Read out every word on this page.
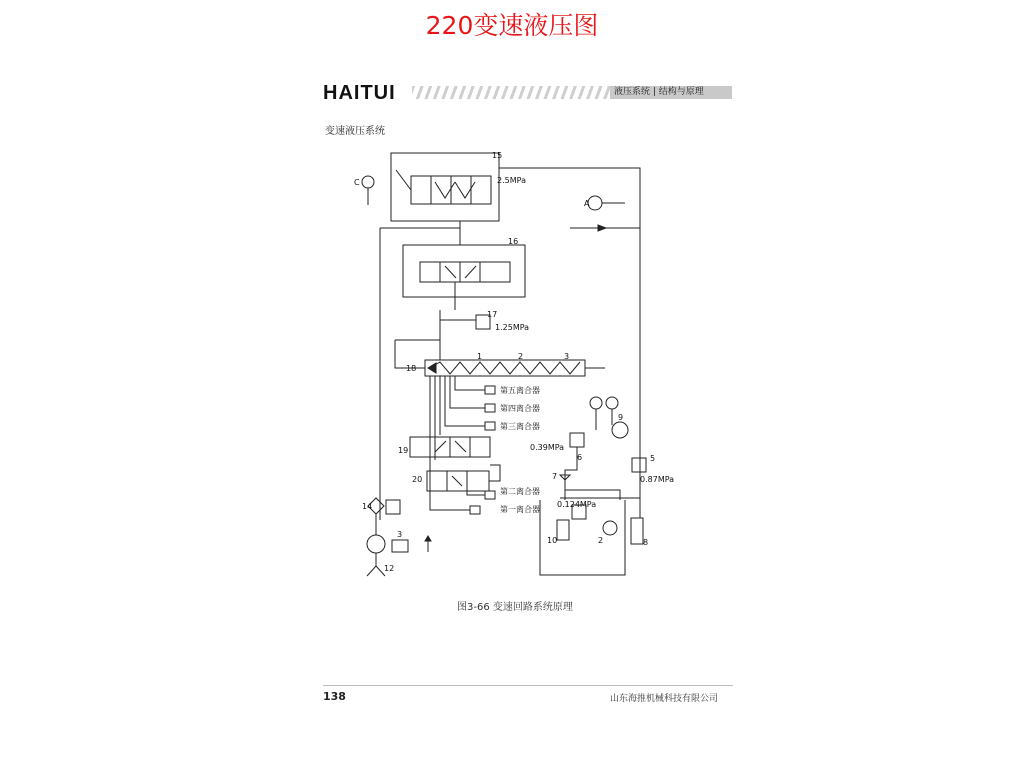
220变速液压图
HAITUI	液压系统 | 结构与原理
变速液压系统
15
2.5MPa
C
A
16
17
1.25MPa
18
1	2	3
第五离合器
第四离合器
第三离合器
第二离合器
第一离合器
19
20
9
6
0.39MPa
5
0.87MPa
7
0.124MPa
14
3
10	2	8
12
图3-66 变速回路系统原理
138	山东海推机械科技有限公司
